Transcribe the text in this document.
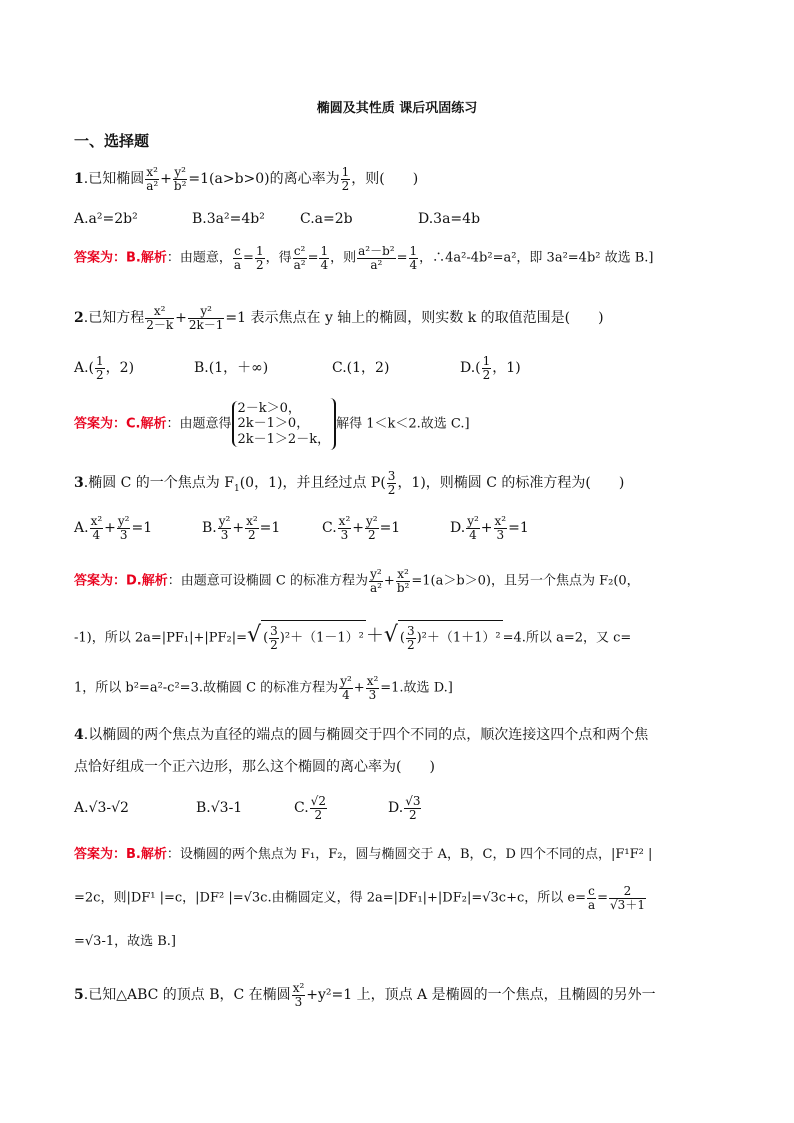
椭圆及其性质 课后巩固练习
一、选择题
1.已知椭圆 $\frac{\text{x²}}{\text{a²}} + \frac{\text{y²}}{\text{b²}} =1(a>b>0)$的离心率为 $\frac{1}{2}$ ，则(　　)
A.a²=2b²	B.3a²=4b²	C.a=2b	D.3a=4b
答案为：B.解析：由题意， $\frac{c}{a} = \frac{1}{2}$ ，得 $\frac{\text{c²}}{\text{a²}} = \frac{1}{4}$ ，则 $\frac{\text{a²－b²}}{\text{a²}} = \frac{1}{4}$ ，∴4a²-4b²=a²，即 3a²=4b² 故选 B.]
2.已知方程 $\frac{\text{x²}}{2-k} + \frac{\text{y²}}{2k-1} =1$ 表示焦点在 y 轴上的椭圆，则实数 k 的取值范围是(　　)
$A.( \frac{1}{2}$ ，2)	B.(1，＋∞)	C.(1，2)	$D.( \frac{1}{2}$ ，1)
答案为：C.解析：由题意得
2－k＞0，
2k－1＞0，
2k－1＞2－k，
解得 1＜k＜2.故选 C.]
3.椭圆 C 的一个焦点为 $F_1(0$，1)，并且经过点 $P( \frac{3}{2}$ ，1)，则椭圆 C 的标准方程为(　　)
A. $\frac{\text{x²}}{4} + \frac{\text{y²}}{3} =1$	B. $\frac{\text{y²}}{3} + \frac{\text{x²}}{2} =1$	C. $\frac{\text{x²}}{3} + \frac{\text{y²}}{2} =1$	D. $\frac{\text{y²}}{4} + \frac{\text{x²}}{3} =1$
答案为：D.解析：由题意可设椭圆 C 的标准方程为 $\frac{\text{y²}}{\text{a²}} + \frac{\text{x²}}{\text{b²}} =1(a>b>0)$，且另一个焦点为 F₂(0，
-1)，所以 2a=|PF₁|+|PF₂|=√ ( $\frac{3}{2} )^2+(1-1)^2$ ＋√ ( $\frac{3}{2} )^2+(1+1)^2 =4$.所以 a=2，又 c=
1，所以 b²=a²-c²=3.故椭圆 C 的标准方程为 $\frac{\text{y²}}{4} + \frac{\text{x²}}{3} =1$.故选 D.]
4.以椭圆的两个焦点为直径的端点的圆与椭圆交于四个不同的点，顺次连接这四个点和两个焦
点恰好组成一个正六边形，那么这个椭圆的离心率为(　　)
A.√3-√2	B.√3-1	C. $\frac{√2}{2}$	D. $\frac{√3}{2}$
答案为：B.解析：设椭圆的两个焦点为 F₁，F₂，圆与椭圆交于 A，B，C，D 四个不同的点，|F¹F² |
=2c，则|DF¹ |=c，|DF² |=√3c.由椭圆定义，得 2a=|DF₁|+|DF₂|=√3c+c，所以 $e= \frac{c}{a} = \frac{2}{√3+1}$
=√3-1，故选 B.]
5.已知△ABC 的顶点 B，C 在椭圆 $\frac{\text{x²}}{3} +y^2=1$ 上，顶点 A 是椭圆的一个焦点，且椭圆的另外一
